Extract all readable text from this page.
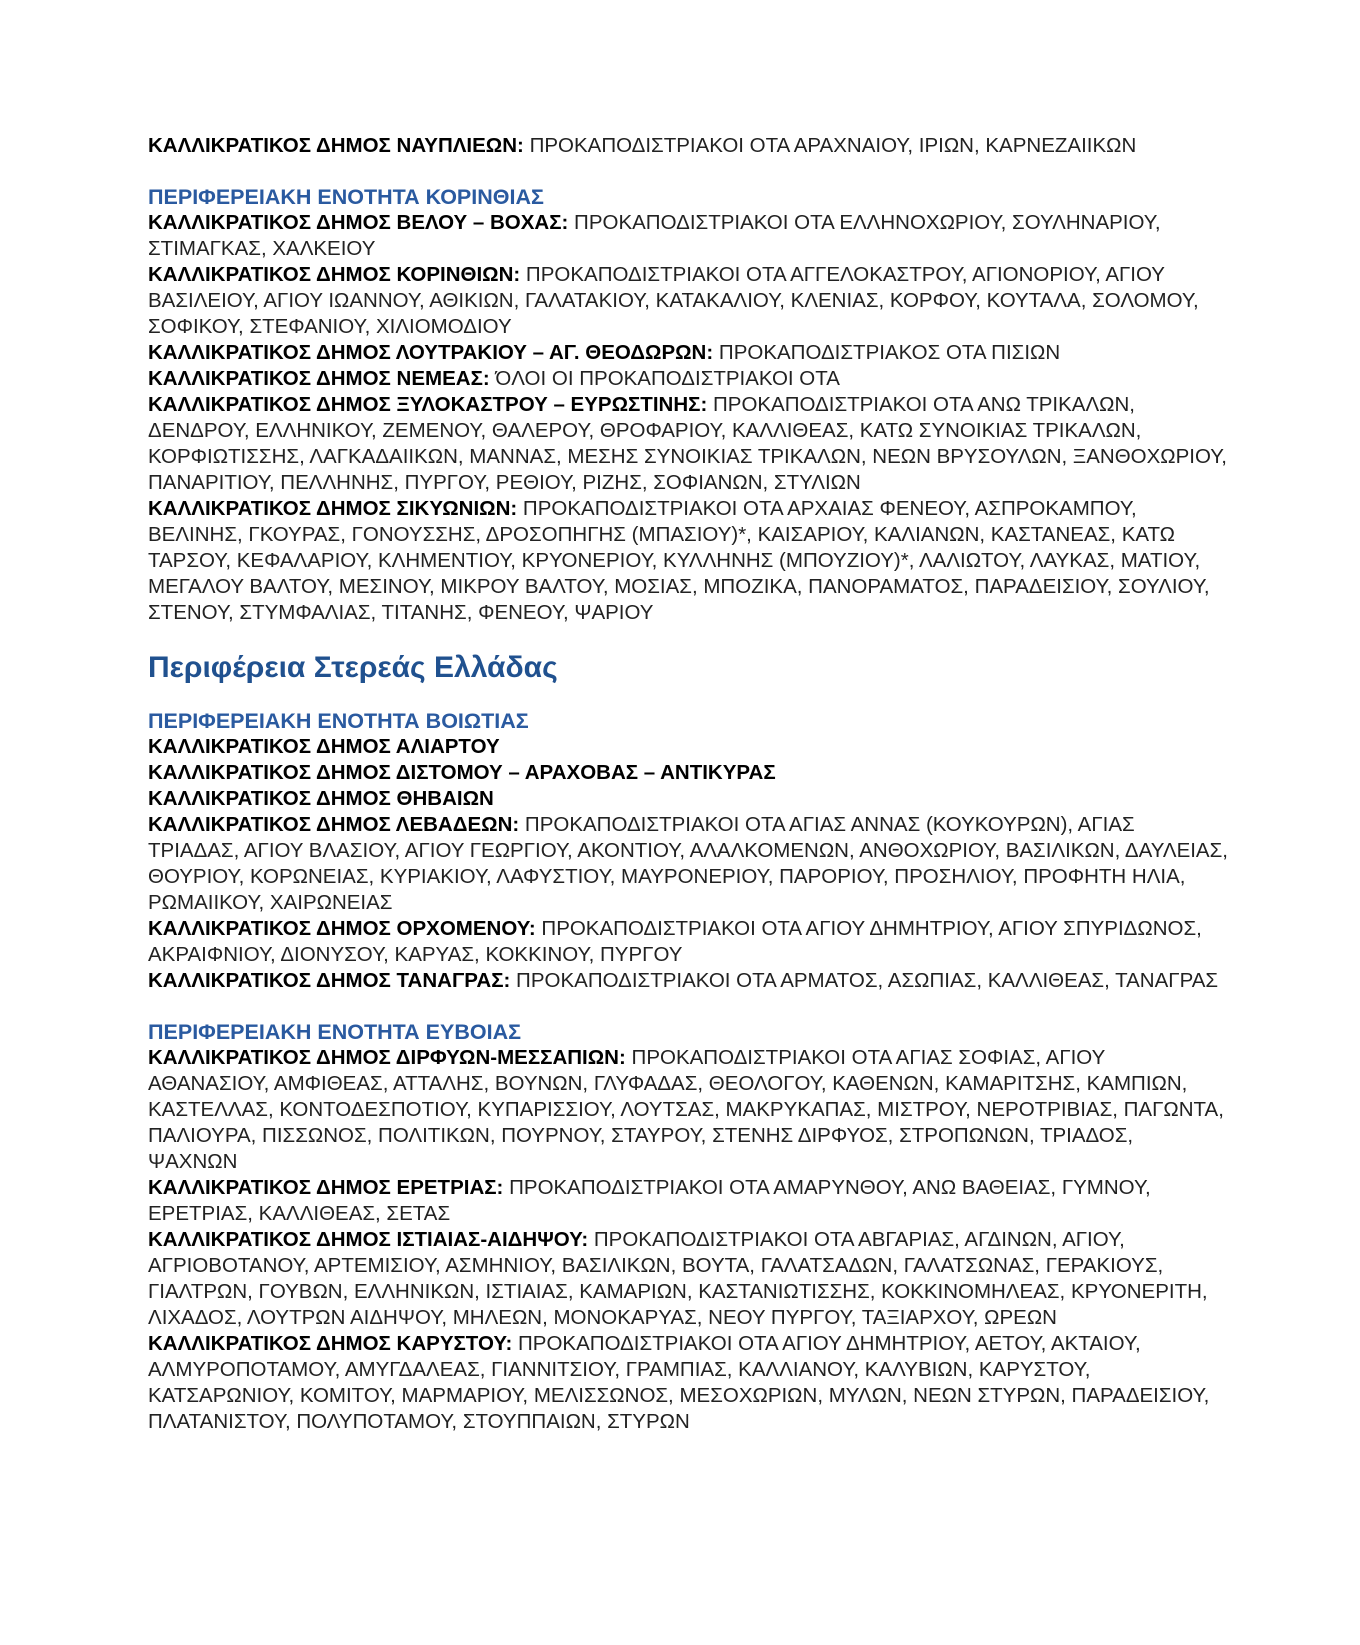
ΚΑΛΛΙΚΡΑΤΙΚΟΣ ΔΗΜΟΣ ΝΑΥΠΛΙΕΩΝ: ΠΡΟΚΑΠΟΔΙΣΤΡΙΑΚΟΙ ΟΤΑ ΑΡΑΧΝΑΙΟΥ, ΙΡΙΩΝ, ΚΑΡΝΕΖΑΙΙΚΩΝ

ΠΕΡΙΦΕΡΕΙΑΚΗ ΕΝΟΤΗΤΑ ΚΟΡΙΝΘΙΑΣ

ΚΑΛΛΙΚΡΑΤΙΚΟΣ ΔΗΜΟΣ ΒΕΛΟΥ – ΒΟΧΑΣ: ΠΡΟΚΑΠΟΔΙΣΤΡΙΑΚΟΙ ΟΤΑ ΕΛΛΗΝΟΧΩΡΙΟΥ, ΣΟΥΛΗΝΑΡΙΟΥ, ΣΤΙΜΑΓΚΑΣ, ΧΑΛΚΕΙΟΥ

ΚΑΛΛΙΚΡΑΤΙΚΟΣ ΔΗΜΟΣ ΚΟΡΙΝΘΙΩΝ: ΠΡΟΚΑΠΟΔΙΣΤΡΙΑΚΟΙ ΟΤΑ ΑΓΓΕΛΟΚΑΣΤΡΟΥ, ΑΓΙΟΝΟΡΙΟΥ, ΑΓΙΟΥ ΒΑΣΙΛΕΙΟΥ, ΑΓΙΟΥ ΙΩΑΝΝΟΥ, ΑΘΙΚΙΩΝ, ΓΑΛΑΤΑΚΙΟΥ, ΚΑΤΑΚΑΛΙΟΥ, ΚΛΕΝΙΑΣ, ΚΟΡΦΟΥ, ΚΟΥΤΑΛΑ, ΣΟΛΟΜΟΥ, ΣΟΦΙΚΟΥ, ΣΤΕΦΑΝΙΟΥ, ΧΙΛΙΟΜΟΔΙΟΥ

ΚΑΛΛΙΚΡΑΤΙΚΟΣ ΔΗΜΟΣ ΛΟΥΤΡΑΚΙΟΥ – ΑΓ. ΘΕΟΔΩΡΩΝ: ΠΡΟΚΑΠΟΔΙΣΤΡΙΑΚΟΣ ΟΤΑ ΠΙΣΙΩΝ

ΚΑΛΛΙΚΡΑΤΙΚΟΣ ΔΗΜΟΣ ΝΕΜΕΑΣ: ΌΛΟΙ ΟΙ ΠΡΟΚΑΠΟΔΙΣΤΡΙΑΚΟΙ ΟΤΑ

ΚΑΛΛΙΚΡΑΤΙΚΟΣ ΔΗΜΟΣ ΞΥΛΟΚΑΣΤΡΟΥ – ΕΥΡΩΣΤΙΝΗΣ: ΠΡΟΚΑΠΟΔΙΣΤΡΙΑΚΟΙ ΟΤΑ ΑΝΩ ΤΡΙΚΑΛΩΝ, ΔΕΝΔΡΟΥ, ΕΛΛΗΝΙΚΟΥ, ΖΕΜΕΝΟΥ, ΘΑΛΕΡΟΥ, ΘΡΟΦΑΡΙΟΥ, ΚΑΛΛΙΘΕΑΣ, ΚΑΤΩ ΣΥΝΟΙΚΙΑΣ ΤΡΙΚΑΛΩΝ, ΚΟΡΦΙΩΤΙΣΣΗΣ, ΛΑΓΚΑΔΑΙΙΚΩΝ, ΜΑΝΝΑΣ, ΜΕΣΗΣ ΣΥΝΟΙΚΙΑΣ ΤΡΙΚΑΛΩΝ, ΝΕΩΝ ΒΡΥΣΟΥΛΩΝ, ΞΑΝΘΟΧΩΡΙΟΥ, ΠΑΝΑΡΙΤΙΟΥ, ΠΕΛΛΗΝΗΣ, ΠΥΡΓΟΥ, ΡΕΘΙΟΥ, ΡΙΖΗΣ, ΣΟΦΙΑΝΩΝ, ΣΤΥΛΙΩΝ

ΚΑΛΛΙΚΡΑΤΙΚΟΣ ΔΗΜΟΣ ΣΙΚΥΩΝΙΩΝ: ΠΡΟΚΑΠΟΔΙΣΤΡΙΑΚΟΙ ΟΤΑ ΑΡΧΑΙΑΣ ΦΕΝΕΟΥ, ΑΣΠΡΟΚΑΜΠΟΥ, ΒΕΛΙΝΗΣ, ΓΚΟΥΡΑΣ, ΓΟΝΟΥΣΣΗΣ, ΔΡΟΣΟΠΗΓΗΣ (ΜΠΑΣΙΟΥ)*, ΚΑΙΣΑΡΙΟΥ, ΚΑΛΙΑΝΩΝ, ΚΑΣΤΑΝΕΑΣ, ΚΑΤΩ ΤΑΡΣΟΥ, ΚΕΦΑΛΑΡΙΟΥ, ΚΛΗΜΕΝΤΙΟΥ, ΚΡΥΟΝΕΡΙΟΥ, ΚΥΛΛΗΝΗΣ (ΜΠΟΥΖΙΟΥ)*, ΛΑΛΙΩΤΟΥ, ΛΑΥΚΑΣ, ΜΑΤΙΟΥ, ΜΕΓΑΛΟΥ ΒΑΛΤΟΥ, ΜΕΣΙΝΟΥ, ΜΙΚΡΟΥ ΒΑΛΤΟΥ, ΜΟΣΙΑΣ, ΜΠΟΖΙΚΑ, ΠΑΝΟΡΑΜΑΤΟΣ, ΠΑΡΑΔΕΙΣΙΟΥ, ΣΟΥΛΙΟΥ, ΣΤΕΝΟΥ, ΣΤΥΜΦΑΛΙΑΣ, ΤΙΤΑΝΗΣ, ΦΕΝΕΟΥ, ΨΑΡΙΟΥ

Περιφέρεια Στερεάς Ελλάδας
ΠΕΡΙΦΕΡΕΙΑΚΗ ΕΝΟΤΗΤΑ ΒΟΙΩΤΙΑΣ

ΚΑΛΛΙΚΡΑΤΙΚΟΣ ΔΗΜΟΣ ΑΛΙΑΡΤΟΥ

ΚΑΛΛΙΚΡΑΤΙΚΟΣ ΔΗΜΟΣ ΔΙΣΤΟΜΟΥ – ΑΡΑΧΟΒΑΣ – ΑΝΤΙΚΥΡΑΣ

ΚΑΛΛΙΚΡΑΤΙΚΟΣ ΔΗΜΟΣ ΘΗΒΑΙΩΝ

ΚΑΛΛΙΚΡΑΤΙΚΟΣ ΔΗΜΟΣ ΛΕΒΑΔΕΩΝ: ΠΡΟΚΑΠΟΔΙΣΤΡΙΑΚΟΙ ΟΤΑ ΑΓΙΑΣ ΑΝΝΑΣ (ΚΟΥΚΟΥΡΩΝ), ΑΓΙΑΣ ΤΡΙΑΔΑΣ, ΑΓΙΟΥ ΒΛΑΣΙΟΥ, ΑΓΙΟΥ ΓΕΩΡΓΙΟΥ, ΑΚΟΝΤΙΟΥ, ΑΛΑΛΚΟΜΕΝΩΝ, ΑΝΘΟΧΩΡΙΟΥ, ΒΑΣΙΛΙΚΩΝ, ΔΑΥΛΕΙΑΣ, ΘΟΥΡΙΟΥ, ΚΟΡΩΝΕΙΑΣ, ΚΥΡΙΑΚΙΟΥ, ΛΑΦΥΣΤΙΟΥ, ΜΑΥΡΟΝΕΡΙΟΥ, ΠΑΡΟΡΙΟΥ, ΠΡΟΣΗΛΙΟΥ, ΠΡΟΦΗΤΗ ΗΛΙΑ, ΡΩΜΑΙΙΚΟΥ, ΧΑΙΡΩΝΕΙΑΣ

ΚΑΛΛΙΚΡΑΤΙΚΟΣ ΔΗΜΟΣ ΟΡΧΟΜΕΝΟΥ: ΠΡΟΚΑΠΟΔΙΣΤΡΙΑΚΟΙ ΟΤΑ ΑΓΙΟΥ ΔΗΜΗΤΡΙΟΥ, ΑΓΙΟΥ ΣΠΥΡΙΔΩΝΟΣ, ΑΚΡΑΙΦΝΙΟΥ, ΔΙΟΝΥΣΟΥ, ΚΑΡΥΑΣ, ΚΟΚΚΙΝΟΥ, ΠΥΡΓΟΥ

ΚΑΛΛΙΚΡΑΤΙΚΟΣ ΔΗΜΟΣ ΤΑΝΑΓΡΑΣ: ΠΡΟΚΑΠΟΔΙΣΤΡΙΑΚΟΙ ΟΤΑ ΑΡΜΑΤΟΣ, ΑΣΩΠΙΑΣ, ΚΑΛΛΙΘΕΑΣ, ΤΑΝΑΓΡΑΣ

ΠΕΡΙΦΕΡΕΙΑΚΗ ΕΝΟΤΗΤΑ ΕΥΒΟΙΑΣ

ΚΑΛΛΙΚΡΑΤΙΚΟΣ ΔΗΜΟΣ ΔΙΡΦΥΩΝ-ΜΕΣΣΑΠΙΩΝ: ΠΡΟΚΑΠΟΔΙΣΤΡΙΑΚΟΙ ΟΤΑ ΑΓΙΑΣ ΣΟΦΙΑΣ, ΑΓΙΟΥ ΑΘΑΝΑΣΙΟΥ, ΑΜΦΙΘΕΑΣ, ΑΤΤΑΛΗΣ, ΒΟΥΝΩΝ, ΓΛΥΦΑΔΑΣ, ΘΕΟΛΟΓΟΥ, ΚΑΘΕΝΩΝ, ΚΑΜΑΡΙΤΣΗΣ, ΚΑΜΠΙΩΝ, ΚΑΣΤΕΛΛΑΣ, ΚΟΝΤΟΔΕΣΠΟΤΙΟΥ, ΚΥΠΑΡΙΣΣΙΟΥ, ΛΟΥΤΣΑΣ, ΜΑΚΡΥΚΑΠΑΣ, ΜΙΣΤΡΟΥ, ΝΕΡΟΤΡΙΒΙΑΣ, ΠΑΓΩΝΤΑ, ΠΑΛΙΟΥΡΑ, ΠΙΣΣΩΝΟΣ, ΠΟΛΙΤΙΚΩΝ, ΠΟΥΡΝΟΥ, ΣΤΑΥΡΟΥ, ΣΤΕΝΗΣ ΔΙΡΦΥΟΣ, ΣΤΡΟΠΩΝΩΝ, ΤΡΙΑΔΟΣ, ΨΑΧΝΩΝ

ΚΑΛΛΙΚΡΑΤΙΚΟΣ ΔΗΜΟΣ ΕΡΕΤΡΙΑΣ: ΠΡΟΚΑΠΟΔΙΣΤΡΙΑΚΟΙ ΟΤΑ ΑΜΑΡΥΝΘΟΥ, ΑΝΩ ΒΑΘΕΙΑΣ, ΓΥΜΝΟΥ, ΕΡΕΤΡΙΑΣ, ΚΑΛΛΙΘΕΑΣ, ΣΕΤΑΣ

ΚΑΛΛΙΚΡΑΤΙΚΟΣ ΔΗΜΟΣ ΙΣΤΙΑΙΑΣ-ΑΙΔΗΨΟΥ: ΠΡΟΚΑΠΟΔΙΣΤΡΙΑΚΟΙ ΟΤΑ ΑΒΓΑΡΙΑΣ, ΑΓΔΙΝΩΝ, ΑΓΙΟΥ, ΑΓΡΙΟΒΟΤΑΝΟΥ, ΑΡΤΕΜΙΣΙΟΥ, ΑΣΜΗΝΙΟΥ, ΒΑΣΙΛΙΚΩΝ, ΒΟΥΤΑ, ΓΑΛΑΤΣΑΔΩΝ, ΓΑΛΑΤΣΩΝΑΣ, ΓΕΡΑΚΙΟΥΣ, ΓΙΑΛΤΡΩΝ, ΓΟΥΒΩΝ, ΕΛΛΗΝΙΚΩΝ, ΙΣΤΙΑΙΑΣ, ΚΑΜΑΡΙΩΝ, ΚΑΣΤΑΝΙΩΤΙΣΣΗΣ, ΚΟΚΚΙΝΟΜΗΛΕΑΣ, ΚΡΥΟΝΕΡΙΤΗ, ΛΙΧΑΔΟΣ, ΛΟΥΤΡΩΝ ΑΙΔΗΨΟΥ, ΜΗΛΕΩΝ, ΜΟΝΟΚΑΡΥΑΣ, ΝΕΟΥ ΠΥΡΓΟΥ, ΤΑΞΙΑΡΧΟΥ, ΩΡΕΩΝ

ΚΑΛΛΙΚΡΑΤΙΚΟΣ ΔΗΜΟΣ ΚΑΡΥΣΤΟΥ: ΠΡΟΚΑΠΟΔΙΣΤΡΙΑΚΟΙ ΟΤΑ ΑΓΙΟΥ ΔΗΜΗΤΡΙΟΥ, ΑΕΤΟΥ, ΑΚΤΑΙΟΥ, ΑΛΜΥΡΟΠΟΤΑΜΟΥ, ΑΜΥΓΔΑΛΕΑΣ, ΓΙΑΝΝΙΤΣΙΟΥ, ΓΡΑΜΠΙΑΣ, ΚΑΛΛΙΑΝΟΥ, ΚΑΛΥΒΙΩΝ, ΚΑΡΥΣΤΟΥ, ΚΑΤΣΑΡΩΝΙΟΥ, ΚΟΜΙΤΟΥ, ΜΑΡΜΑΡΙΟΥ, ΜΕΛΙΣΣΩΝΟΣ, ΜΕΣΟΧΩΡΙΩΝ, ΜΥΛΩΝ, ΝΕΩΝ ΣΤΥΡΩΝ, ΠΑΡΑΔΕΙΣΙΟΥ, ΠΛΑΤΑΝΙΣΤΟΥ, ΠΟΛΥΠΟΤΑΜΟΥ, ΣΤΟΥΠΠΑΙΩΝ, ΣΤΥΡΩΝ
